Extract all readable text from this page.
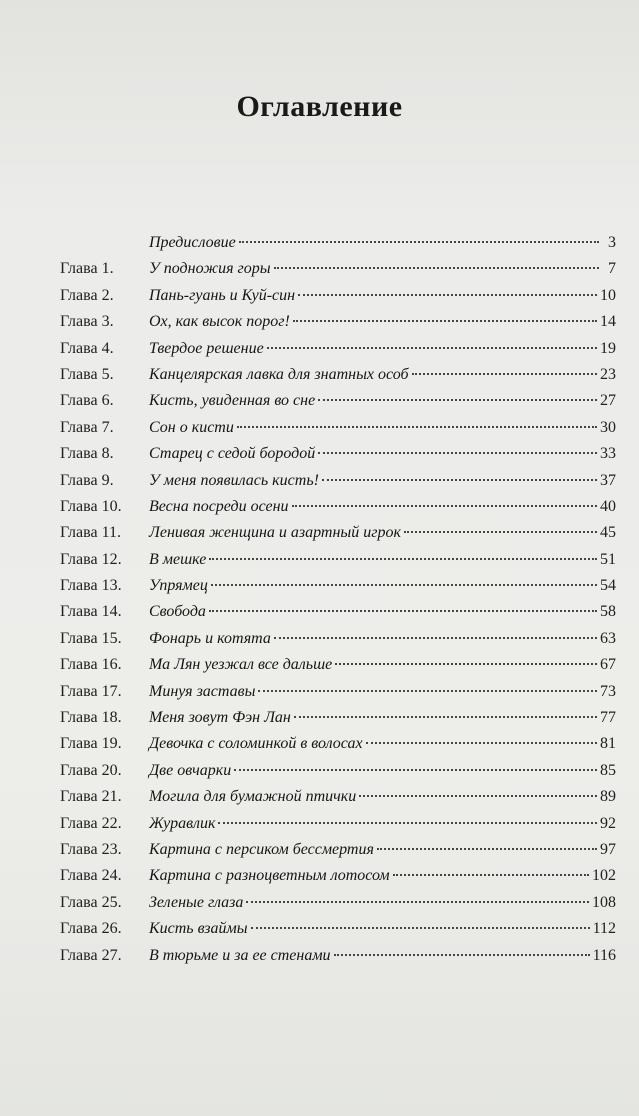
Оглавление
Предисловие	3
Глава 1.	У подножия горы	7
Глава 2.	Пань-гуань и Куй-син	10
Глава 3.	Ох, как высок порог!	14
Глава 4.	Твердое решение	19
Глава 5.	Канцелярская лавка для знатных особ	23
Глава 6.	Кисть, увиденная во сне	27
Глава 7.	Сон о кисти	30
Глава 8.	Старец с седой бородой	33
Глава 9.	У меня появилась кисть!	37
Глава 10.	Весна посреди осени	40
Глава 11.	Ленивая женщина и азартный игрок	45
Глава 12.	В мешке	51
Глава 13.	Упрямец	54
Глава 14.	Свобода	58
Глава 15.	Фонарь и котята	63
Глава 16.	Ма Лян уезжал все дальше	67
Глава 17.	Минуя заставы	73
Глава 18.	Меня зовут Фэн Лан	77
Глава 19.	Девочка с соломинкой в волосах	81
Глава 20.	Две овчарки	85
Глава 21.	Могила для бумажной птички	89
Глава 22.	Журавлик	92
Глава 23.	Картина с персиком бессмертия	97
Глава 24.	Картина с разноцветным лотосом	102
Глава 25.	Зеленые глаза	108
Глава 26.	Кисть взаймы	112
Глава 27.	В тюрьме и за ее стенами	116
